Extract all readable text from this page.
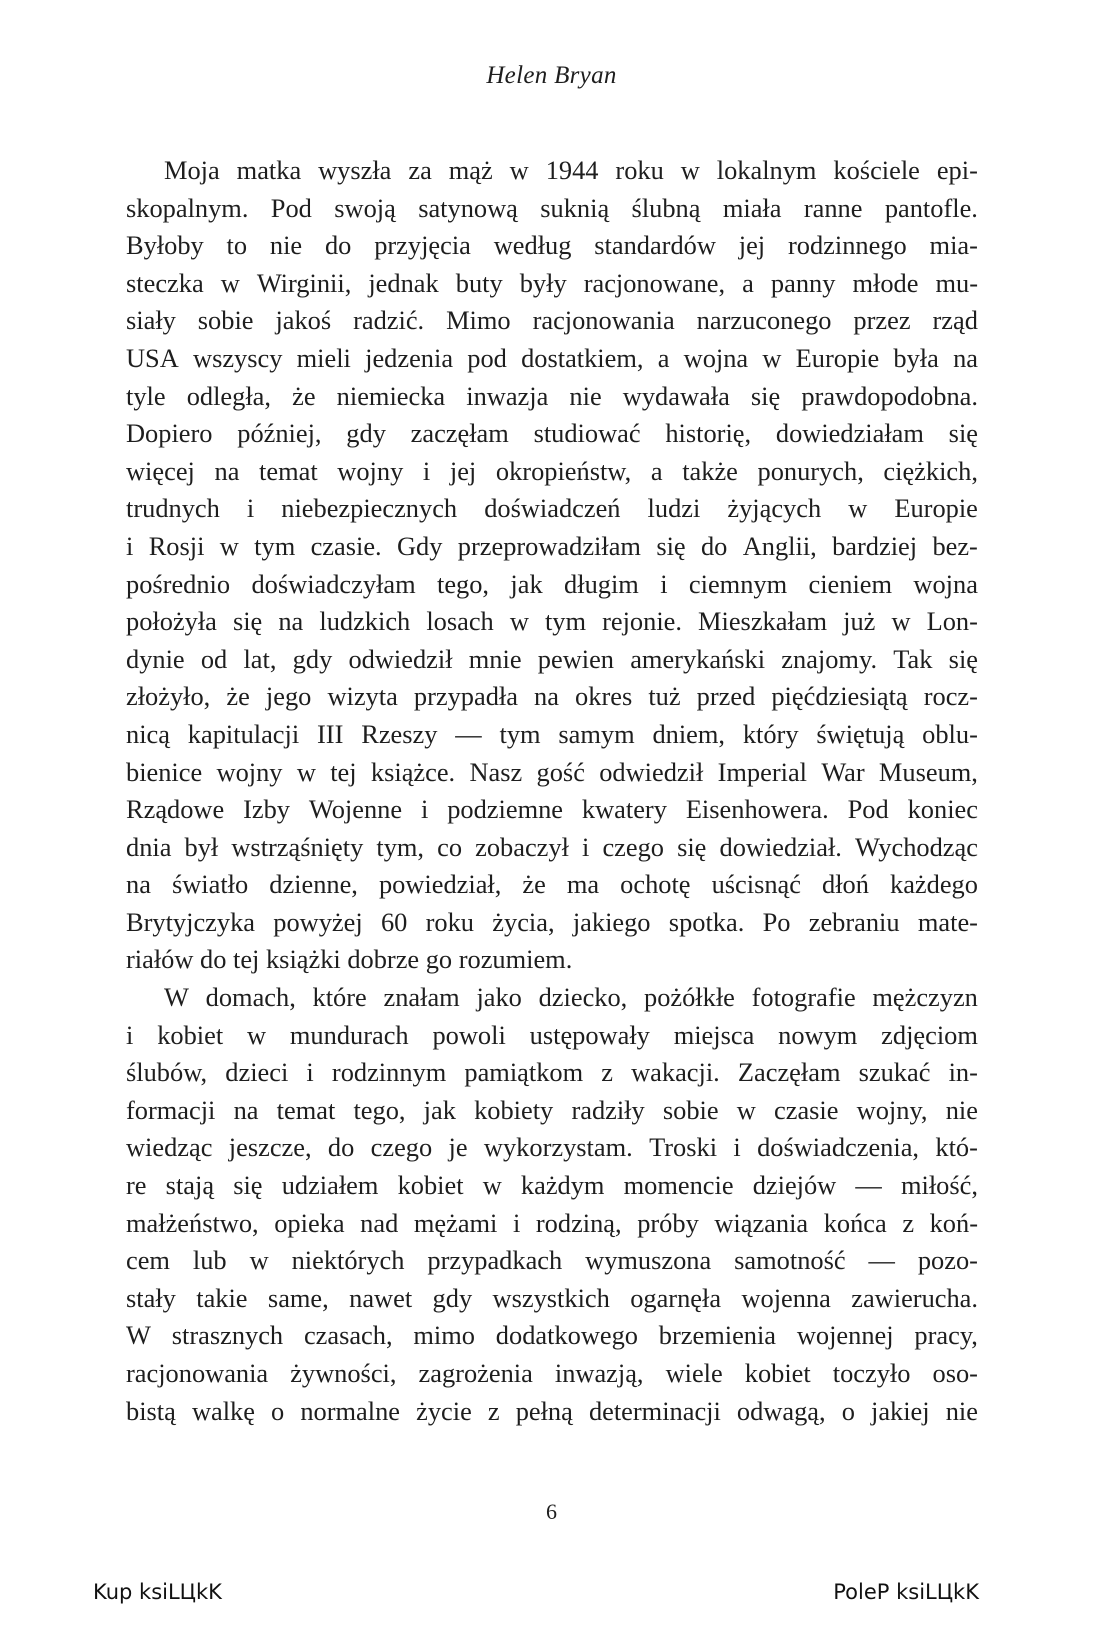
Helen Bryan
Moja matka wyszła za mąż w 1944 roku w lokalnym kościele epi-
skopalnym. Pod swoją satynową suknią ślubną miała ranne pantofle.
Byłoby to nie do przyjęcia według standardów jej rodzinnego mia-
steczka w Wirginii, jednak buty były racjonowane, a panny młode mu-
siały sobie jakoś radzić. Mimo racjonowania narzuconego przez rząd
USA wszyscy mieli jedzenia pod dostatkiem, a wojna w Europie była na
tyle odległa, że niemiecka inwazja nie wydawała się prawdopodobna.
Dopiero później, gdy zaczęłam studiować historię, dowiedziałam się
więcej na temat wojny i jej okropieństw, a także ponurych, ciężkich,
trudnych i niebezpiecznych doświadczeń ludzi żyjących w Europie
i Rosji w tym czasie. Gdy przeprowadziłam się do Anglii, bardziej bez-
pośrednio doświadczyłam tego, jak długim i ciemnym cieniem wojna
położyła się na ludzkich losach w tym rejonie. Mieszkałam już w Lon-
dynie od lat, gdy odwiedził mnie pewien amerykański znajomy. Tak się
złożyło, że jego wizyta przypadła na okres tuż przed pięćdziesiątą rocz-
nicą kapitulacji III Rzeszy — tym samym dniem, który świętują oblu-
bienice wojny w tej książce. Nasz gość odwiedził Imperial War Museum,
Rządowe Izby Wojenne i podziemne kwatery Eisenhowera. Pod koniec
dnia był wstrząśnięty tym, co zobaczył i czego się dowiedział. Wychodząc
na światło dzienne, powiedział, że ma ochotę uścisnąć dłoń każdego
Brytyjczyka powyżej 60 roku życia, jakiego spotka. Po zebraniu mate-
riałów do tej książki dobrze go rozumiem.
W domach, które znałam jako dziecko, pożółkłe fotografie mężczyzn
i kobiet w mundurach powoli ustępowały miejsca nowym zdjęciom
ślubów, dzieci i rodzinnym pamiątkom z wakacji. Zaczęłam szukać in-
formacji na temat tego, jak kobiety radziły sobie w czasie wojny, nie
wiedząc jeszcze, do czego je wykorzystam. Troski i doświadczenia, któ-
re stają się udziałem kobiet w każdym momencie dziejów — miłość,
małżeństwo, opieka nad mężami i rodziną, próby wiązania końca z koń-
cem lub w niektórych przypadkach wymuszona samotność — pozo-
stały takie same, nawet gdy wszystkich ogarnęła wojenna zawierucha.
W strasznych czasach, mimo dodatkowego brzemienia wojennej pracy,
racjonowania żywności, zagrożenia inwazją, wiele kobiet toczyło oso-
bistą walkę o normalne życie z pełną determinacji odwagą, o jakiej nie
6
Kup ksiLЦkK	PoleP ksiLЦkK
